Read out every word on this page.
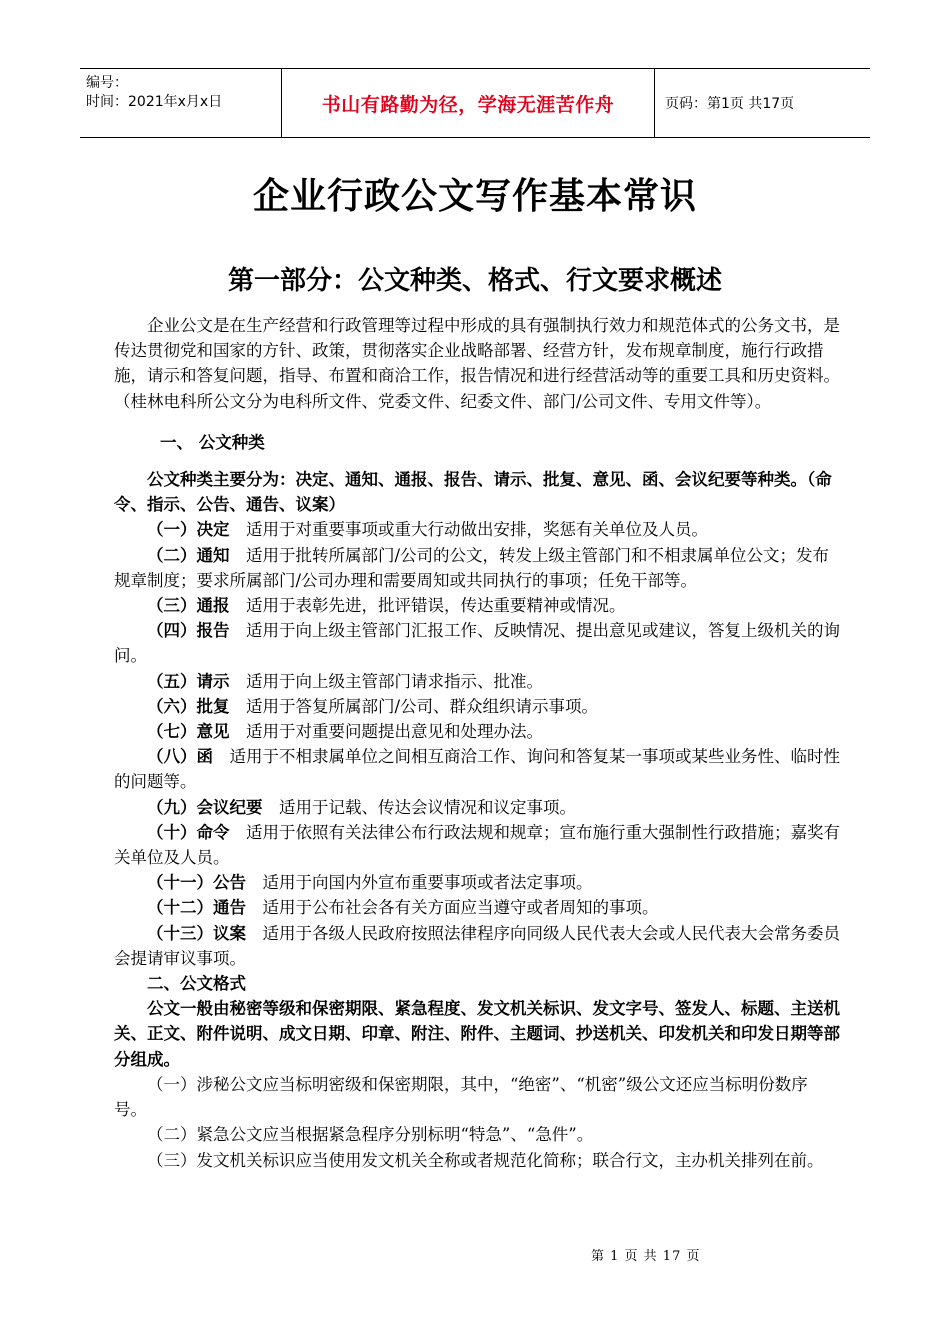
编号：
时间：2021年x月x日	书山有路勤为径，学海无涯苦作舟	页码：第1页 共17页
企业行政公文写作基本常识
第一部分：公文种类、格式、行文要求概述

企业公文是在生产经营和行政管理等过程中形成的具有强制执行效力和规范体式的公务文书，是传达贯彻党和国家的方针、政策，贯彻落实企业战略部署、经营方针，发布规章制度，施行行政措施，请示和答复问题，指导、布置和商洽工作，报告情况和进行经营活动等的重要工具和历史资料。（桂林电科所公文分为电科所文件、党委文件、纪委文件、部门/公司文件、专用文件等）。

一、 公文种类

公文种类主要分为：决定、通知、通报、报告、请示、批复、意见、函、会议纪要等种类。（命令、指示、公告、通告、议案）

（一）决定 适用于对重要事项或重大行动做出安排，奖惩有关单位及人员。

（二）通知 适用于批转所属部门/公司的公文，转发上级主管部门和不相隶属单位公文；发布规章制度；要求所属部门/公司办理和需要周知或共同执行的事项；任免干部等。

（三）通报 适用于表彰先进，批评错误，传达重要精神或情况。

（四）报告 适用于向上级主管部门汇报工作、反映情况、提出意见或建议，答复上级机关的询问。

（五）请示 适用于向上级主管部门请求指示、批准。

（六）批复 适用于答复所属部门/公司、群众组织请示事项。

（七）意见 适用于对重要问题提出意见和处理办法。

（八）函 适用于不相隶属单位之间相互商洽工作、询问和答复某一事项或某些业务性、临时性的问题等。

（九）会议纪要 适用于记载、传达会议情况和议定事项。

（十）命令 适用于依照有关法律公布行政法规和规章；宣布施行重大强制性行政措施；嘉奖有关单位及人员。

（十一）公告 适用于向国内外宣布重要事项或者法定事项。

（十二）通告 适用于公布社会各有关方面应当遵守或者周知的事项。

（十三）议案 适用于各级人民政府按照法律程序向同级人民代表大会或人民代表大会常务委员会提请审议事项。

二、公文格式

公文一般由秘密等级和保密期限、紧急程度、发文机关标识、发文字号、签发人、标题、主送机关、正文、附件说明、成文日期、印章、附注、附件、主题词、抄送机关、印发机关和印发日期等部分组成。

（一）涉秘公文应当标明密级和保密期限，其中，“绝密”、“机密”级公文还应当标明份数序号。

（二）紧急公文应当根据紧急程序分别标明“特急”、“急件”。

（三）发文机关标识应当使用发文机关全称或者规范化简称；联合行文，主办机关排列在前。

第 1 页 共 17 页
